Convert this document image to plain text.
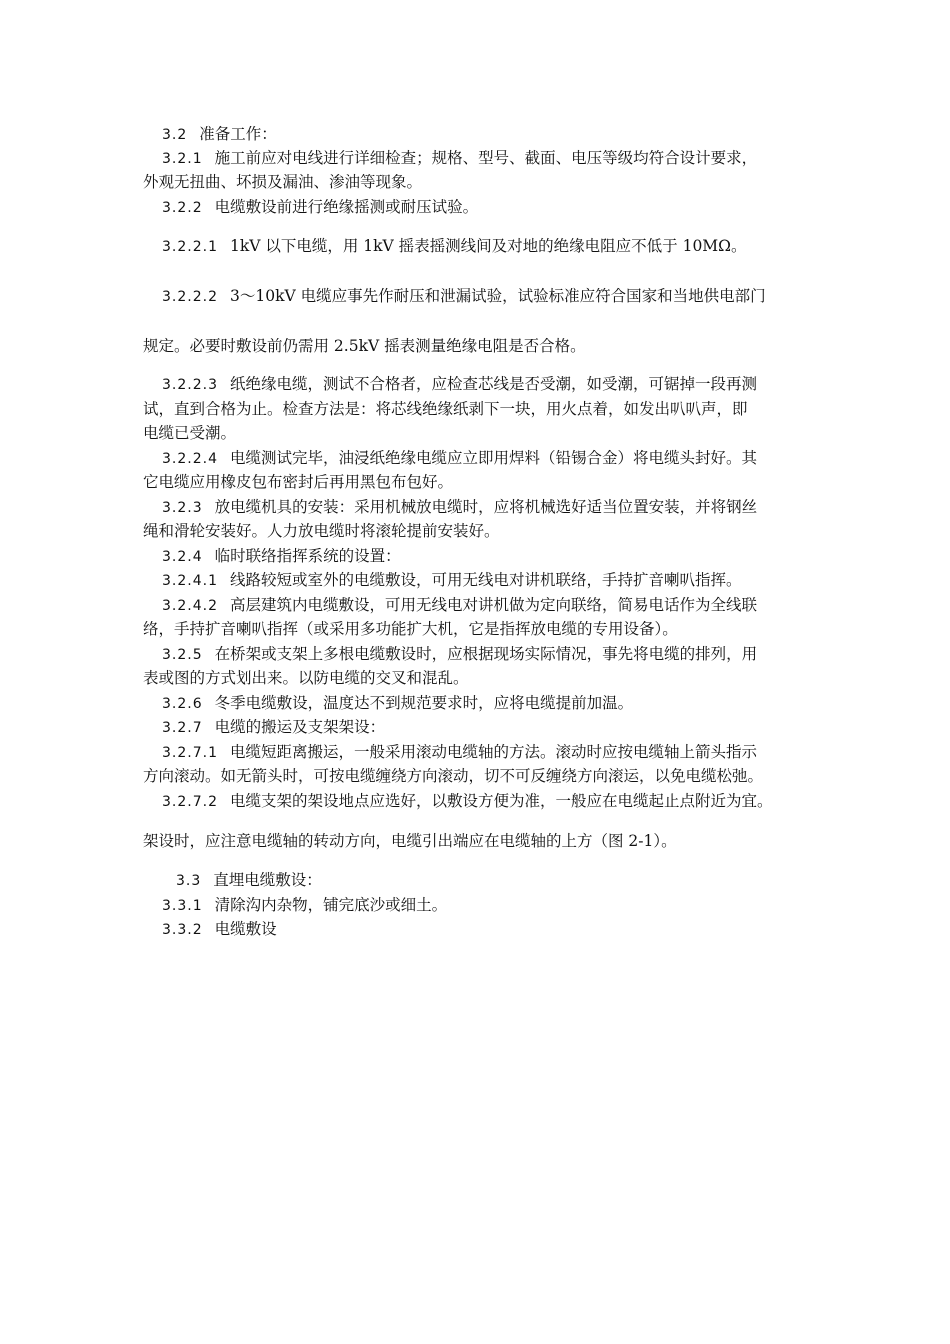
3.2 准备工作：
3.2.1 施工前应对电线进行详细检查；规格、型号、截面、电压等级均符合设计要求，
外观无扭曲、坏损及漏油、渗油等现象。
3.2.2 电缆敷设前进行绝缘摇测或耐压试验。
3.2.2.1 1kV 以下电缆，用 1kV 摇表摇测线间及对地的绝缘电阻应不低于 10MΩ。
3.2.2.2 3～10kV 电缆应事先作耐压和泄漏试验，试验标准应符合国家和当地供电部门
规定。必要时敷设前仍需用 2.5kV 摇表测量绝缘电阻是否合格。
3.2.2.3 纸绝缘电缆，测试不合格者，应检查芯线是否受潮，如受潮，可锯掉一段再测
试，直到合格为止。检查方法是：将芯线绝缘纸剥下一块，用火点着，如发出叭叭声，即
电缆已受潮。
3.2.2.4 电缆测试完毕，油浸纸绝缘电缆应立即用焊料（铅锡合金）将电缆头封好。其
它电缆应用橡皮包布密封后再用黑包布包好。
3.2.3 放电缆机具的安装：采用机械放电缆时，应将机械选好适当位置安装，并将钢丝
绳和滑轮安装好。人力放电缆时将滚轮提前安装好。
3.2.4 临时联络指挥系统的设置：
3.2.4.1 线路较短或室外的电缆敷设，可用无线电对讲机联络，手持扩音喇叭指挥。
3.2.4.2 高层建筑内电缆敷设，可用无线电对讲机做为定向联络，简易电话作为全线联
络，手持扩音喇叭指挥（或采用多功能扩大机，它是指挥放电缆的专用设备）。
3.2.5 在桥架或支架上多根电缆敷设时，应根据现场实际情况，事先将电缆的排列，用
表或图的方式划出来。以防电缆的交叉和混乱。
3.2.6 冬季电缆敷设，温度达不到规范要求时，应将电缆提前加温。
3.2.7 电缆的搬运及支架架设：
3.2.7.1 电缆短距离搬运，一般采用滚动电缆轴的方法。滚动时应按电缆轴上箭头指示
方向滚动。如无箭头时，可按电缆缠绕方向滚动，切不可反缠绕方向滚运，以免电缆松弛。
3.2.7.2 电缆支架的架设地点应选好，以敷设方便为准，一般应在电缆起止点附近为宜。
架设时，应注意电缆轴的转动方向，电缆引出端应在电缆轴的上方（图 2-1）。
3.3 直埋电缆敷设：
3.3.1 清除沟内杂物，铺完底沙或细土。
3.3.2 电缆敷设
